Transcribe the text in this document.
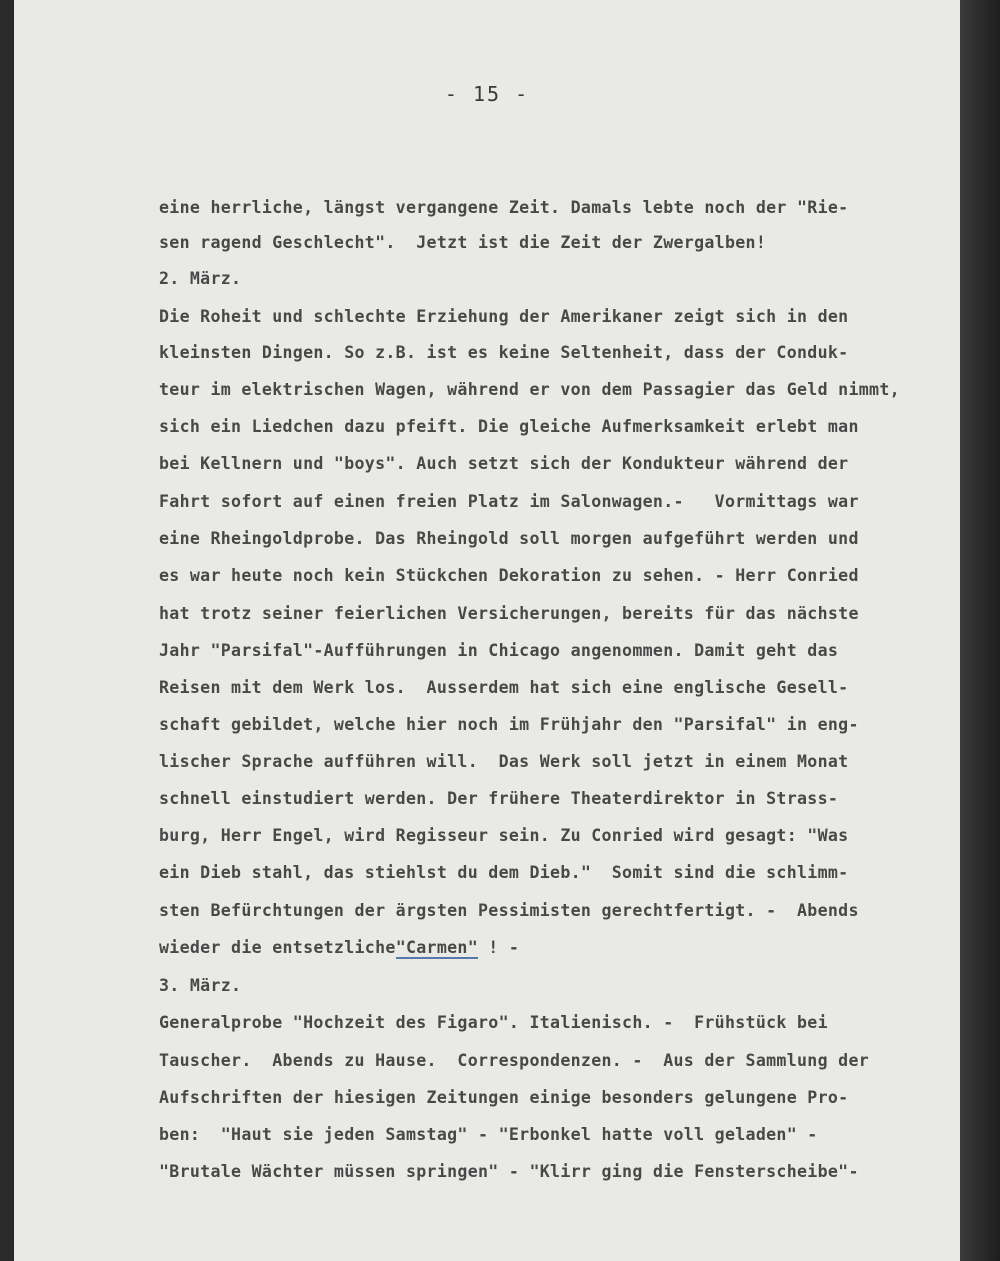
- 15 -
eine herrliche, längst vergangene Zeit. Damals lebte noch der "Rie-
sen ragend Geschlecht".  Jetzt ist die Zeit der Zwergalben!
2. März.
Die Roheit und schlechte Erziehung der Amerikaner zeigt sich in den
kleinsten Dingen. So z.B. ist es keine Seltenheit, dass der Conduk-
teur im elektrischen Wagen, während er von dem Passagier das Geld nimmt,
sich ein Liedchen dazu pfeift. Die gleiche Aufmerksamkeit erlebt man
bei Kellnern und "boys". Auch setzt sich der Kondukteur während der
Fahrt sofort auf einen freien Platz im Salonwagen.-   Vormittags war
eine Rheingoldprobe. Das Rheingold soll morgen aufgeführt werden und
es war heute noch kein Stückchen Dekoration zu sehen. - Herr Conried
hat trotz seiner feierlichen Versicherungen, bereits für das nächste
Jahr "Parsifal"-Aufführungen in Chicago angenommen. Damit geht das
Reisen mit dem Werk los.  Ausserdem hat sich eine englische Gesell-
schaft gebildet, welche hier noch im Frühjahr den "Parsifal" in eng-
lischer Sprache aufführen will.  Das Werk soll jetzt in einem Monat
schnell einstudiert werden. Der frühere Theaterdirektor in Strass-
burg, Herr Engel, wird Regisseur sein. Zu Conried wird gesagt: "Was
ein Dieb stahl, das stiehlst du dem Dieb."  Somit sind die schlimm-
sten Befürchtungen der ärgsten Pessimisten gerechtfertigt. -  Abends
wieder die entsetzliche"Carmen" ! -
3. März.
Generalprobe "Hochzeit des Figaro". Italienisch. -  Frühstück bei
Tauscher.  Abends zu Hause.  Correspondenzen. -  Aus der Sammlung der
Aufschriften der hiesigen Zeitungen einige besonders gelungene Pro-
ben:  "Haut sie jeden Samstag" - "Erbonkel hatte voll geladen" -
"Brutale Wächter müssen springen" - "Klirr ging die Fensterscheibe"-
